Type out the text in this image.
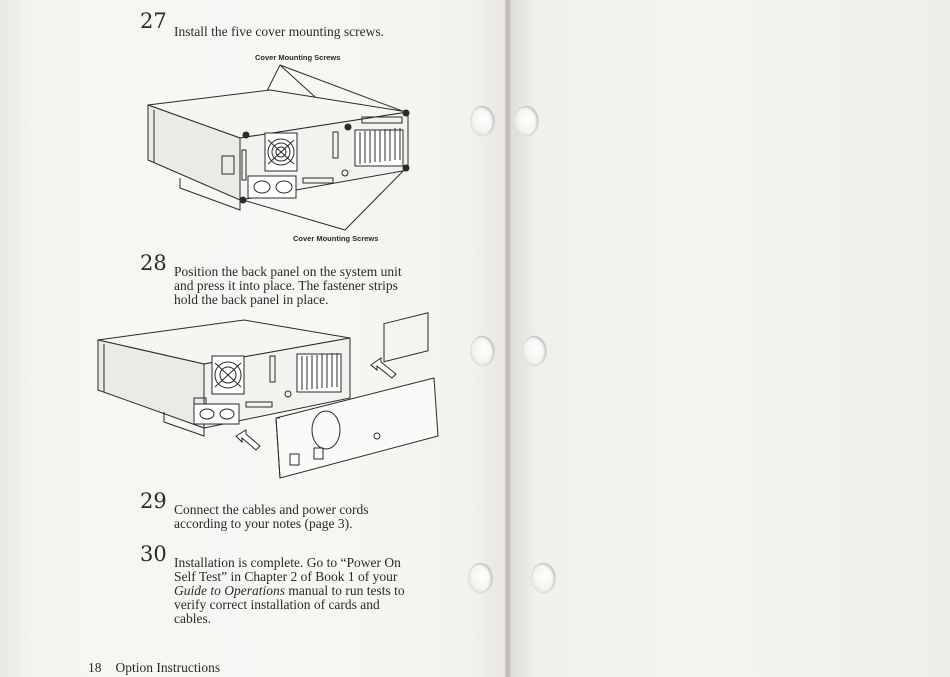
27 Install the five cover mounting screws.
Cover Mounting Screws
Cover Mounting Screws
28 Position the back panel on the system unit
and press it into place. The fastener strips
hold the back panel in place.
29 Connect the cables and power cords
according to your notes (page 3).
30 Installation is complete. Go to “Power On
Self Test” in Chapter 2 of Book 1 of your
Guide to Operations manual to run tests to
verify correct installation of cards and
cables.
18 Option Instructions
